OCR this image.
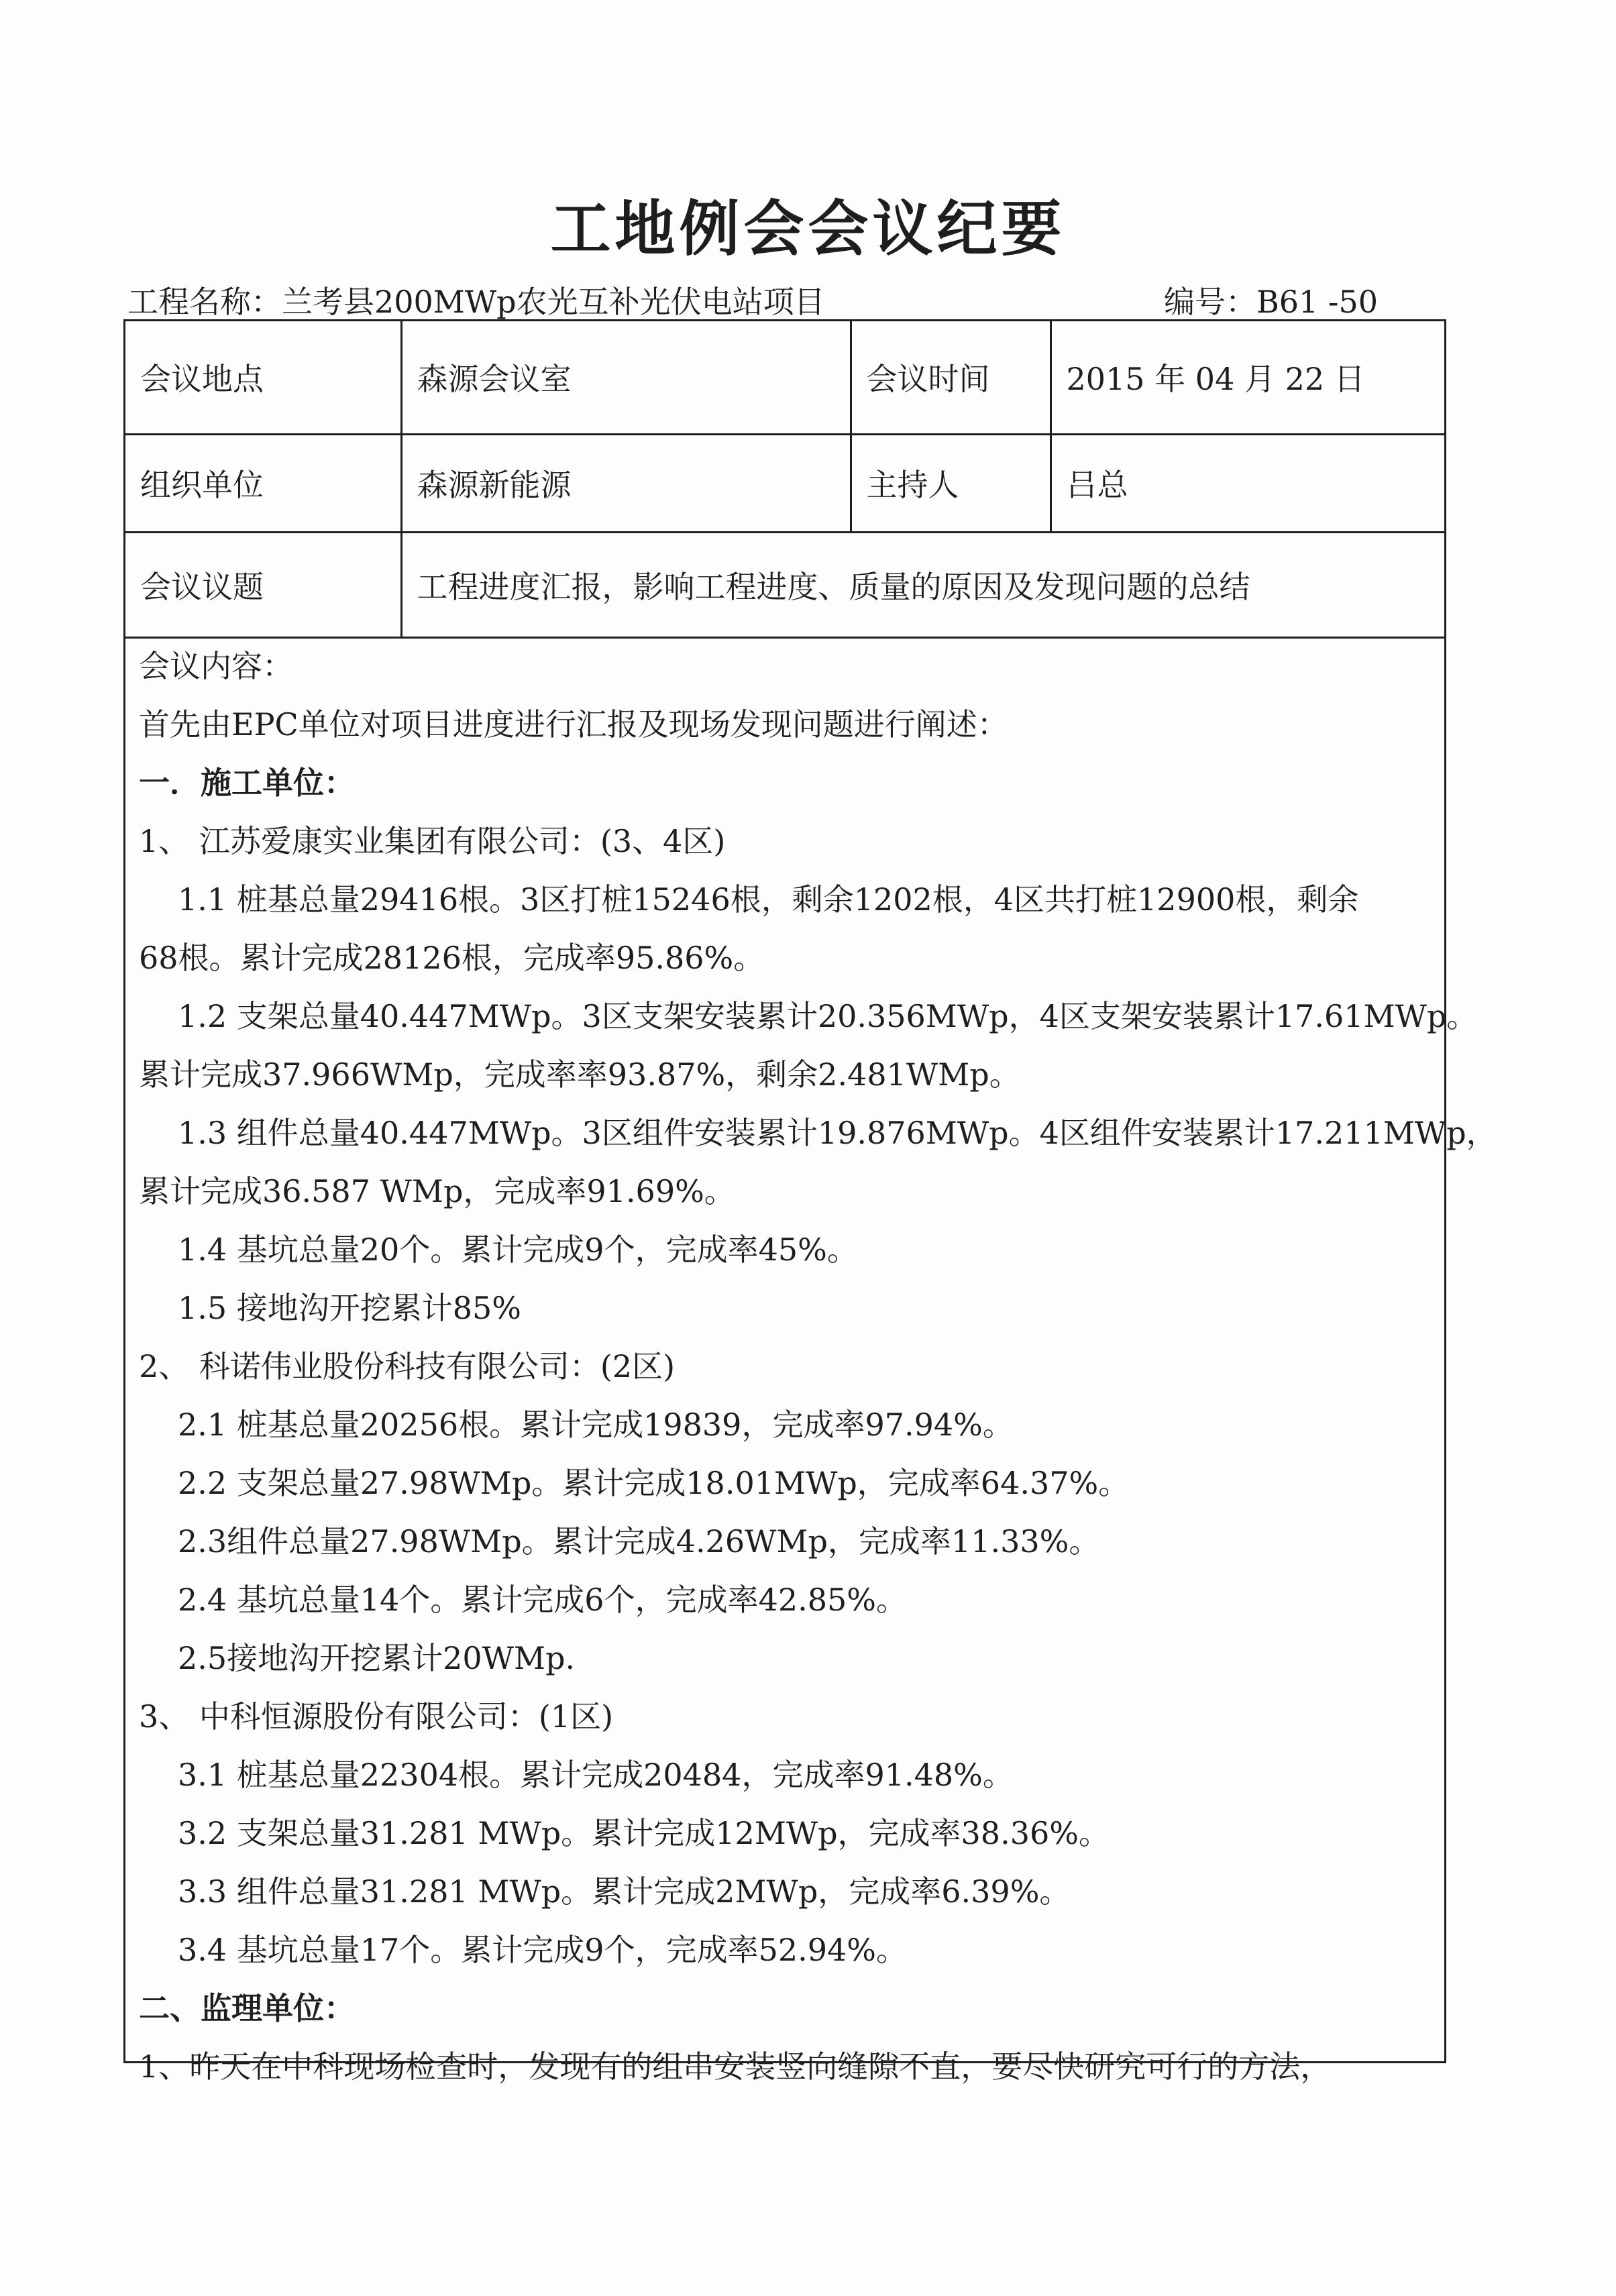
工地例会会议纪要
工程名称：兰考县200MWp农光互补光伏电站项目	编号：B61 -50
会议地点	森源会议室	会议时间	2015 年 04 月 22 日
组织单位	森源新能源	主持人	吕总
会议议题	工程进度汇报，影响工程进度、质量的原因及发现问题的总结		
会议内容：
首先由EPC单位对项目进度进行汇报及现场发现问题进行阐述：
一．施工单位：
1、 江苏爱康实业集团有限公司：(3、4区)
1.1 桩基总量29416根。3区打桩15246根，剩余1202根，4区共打桩12900根，剩余
68根。累计完成28126根，完成率95.86%。
1.2 支架总量40.447MWp。3区支架安装累计20.356MWp，4区支架安装累计17.61MWp。
累计完成37.966WMp，完成率率93.87%，剩余2.481WMp。
1.3 组件总量40.447MWp。3区组件安装累计19.876MWp。4区组件安装累计17.211MWp，
累计完成36.587 WMp，完成率91.69%。
1.4 基坑总量20个。累计完成9个，完成率45%。
1.5 接地沟开挖累计85%
2、 科诺伟业股份科技有限公司：(2区)
2.1 桩基总量20256根。累计完成19839，完成率97.94%。
2.2 支架总量27.98WMp。累计完成18.01MWp，完成率64.37%。
2.3组件总量27.98WMp。累计完成4.26WMp，完成率11.33%。
2.4 基坑总量14个。累计完成6个，完成率42.85%。
2.5接地沟开挖累计20WMp.
3、 中科恒源股份有限公司：(1区)
3.1 桩基总量22304根。累计完成20484，完成率91.48%。
3.2 支架总量31.281 MWp。累计完成12MWp，完成率38.36%。
3.3 组件总量31.281 MWp。累计完成2MWp，完成率6.39%。
3.4 基坑总量17个。累计完成9个，完成率52.94%。
二、监理单位：
1、昨天在中科现场检查时，发现有的组串安装竖向缝隙不直，要尽快研究可行的方法，
